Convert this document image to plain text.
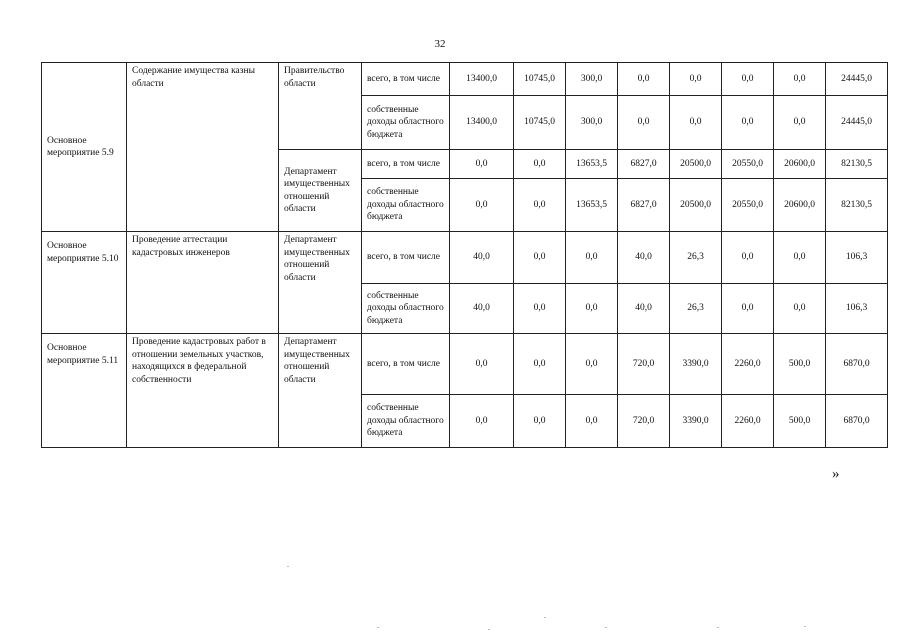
32
Основное мероприятие 5.9	Содержание имущества казны области	Правительство области	всего, в том числе	13400,0	10745,0	300,0	0,0	0,0	0,0	0,0	24445,0
			собственные доходы областного бюджета	13400,0	10745,0	300,0	0,0	0,0	0,0	0,0	24445,0
		Департамент имущественных отношений области	всего, в том числе	0,0	0,0	13653,5	6827,0	20500,0	20550,0	20600,0	82130,5
			собственные доходы областного бюджета	0,0	0,0	13653,5	6827,0	20500,0	20550,0	20600,0	82130,5
Основное мероприятие 5.10	Проведение аттестации кадастровых инженеров	Департамент имущественных отношений области	всего, в том числе	40,0	0,0	0,0	40,0	26,3	0,0	0,0	106,3
			собственные доходы областного бюджета	40,0	0,0	0,0	40,0	26,3	0,0	0,0	106,3
Основное мероприятие 5.11	Проведение кадастровых работ в отношении земельных участков, находящихся в федеральной собственности	Департамент имущественных отношений области	всего, в том числе	0,0	0,0	0,0	720,0	3390,0	2260,0	500,0	6870,0
			собственные доходы областного бюджета	0,0	0,0	0,0	720,0	3390,0	2260,0	500,0	6870,0
»
